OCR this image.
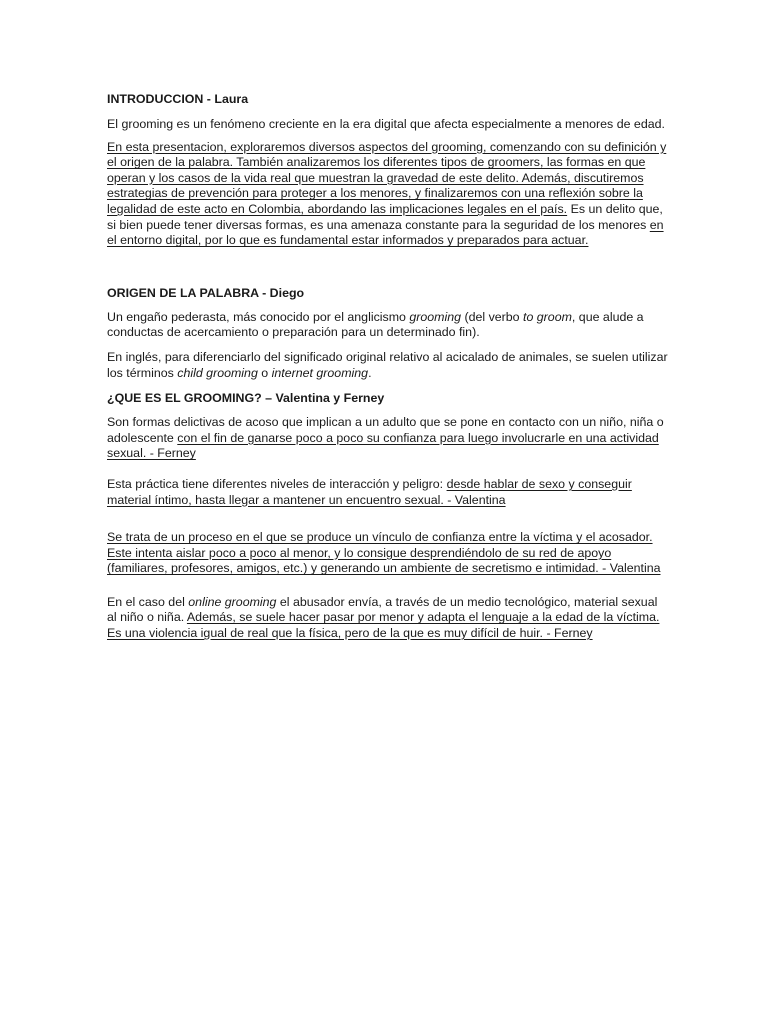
INTRODUCCION - Laura

El grooming es un fenómeno creciente en la era digital que afecta especialmente a menores de edad.

En esta presentacion, exploraremos diversos aspectos del grooming, comenzando con su definición y el origen de la palabra. También analizaremos los diferentes tipos de groomers, las formas en que operan y los casos de la vida real que muestran la gravedad de este delito. Además, discutiremos estrategias de prevención para proteger a los menores, y finalizaremos con una reflexión sobre la legalidad de este acto en Colombia, abordando las implicaciones legales en el país. Es un delito que, si bien puede tener diversas formas, es una amenaza constante para la seguridad de los menores en el entorno digital, por lo que es fundamental estar informados y preparados para actuar.

ORIGEN DE LA PALABRA - Diego

Un engaño pederasta, más conocido por el anglicismo grooming (del verbo to groom, que alude a conductas de acercamiento o preparación para un determinado fin).

En inglés, para diferenciarlo del significado original relativo al acicalado de animales, se suelen utilizar los términos child grooming o internet grooming.

¿QUE ES EL GROOMING? – Valentina y Ferney

Son formas delictivas de acoso que implican a un adulto que se pone en contacto con un niño, niña o adolescente con el fin de ganarse poco a poco su confianza para luego involucrarle en una actividad sexual. - Ferney

Esta práctica tiene diferentes niveles de interacción y peligro: desde hablar de sexo y conseguir material íntimo, hasta llegar a mantener un encuentro sexual. - Valentina

Se trata de un proceso en el que se produce un vínculo de confianza entre la víctima y el acosador. Este intenta aislar poco a poco al menor, y lo consigue desprendiéndolo de su red de apoyo (familiares, profesores, amigos, etc.) y generando un ambiente de secretismo e intimidad. - Valentina

En el caso del online grooming el abusador envía, a través de un medio tecnológico, material sexual al niño o niña. Además, se suele hacer pasar por menor y adapta el lenguaje a la edad de la víctima. Es una violencia igual de real que la física, pero de la que es muy difícil de huir. - Ferney
